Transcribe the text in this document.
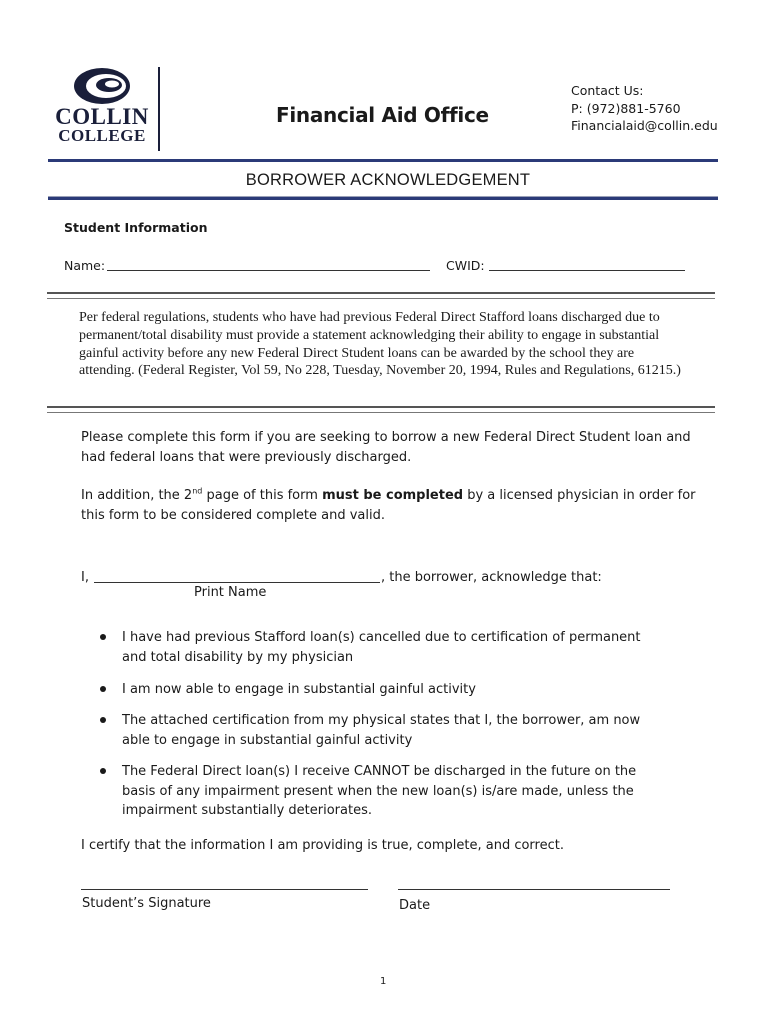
COLLIN
COLLEGE
Financial Aid Office
Contact Us:
P: (972)881-5760
Financialaid@collin.edu
BORROWER ACKNOWLEDGEMENT
Student Information
Name:	CWID:
Per federal regulations, students who have had previous Federal Direct Stafford loans discharged due to permanent/total disability must provide a statement acknowledging their ability to engage in substantial gainful activity before any new Federal Direct Student loans can be awarded by the school they are attending. (Federal Register, Vol 59, No 228, Tuesday, November 20, 1994, Rules and Regulations, 61215.)
Please complete this form if you are seeking to borrow a new Federal Direct Student loan and had federal loans that were previously discharged.
In addition, the 2nd page of this form must be completed by a licensed physician in order for this form to be considered complete and valid.
I,	, the borrower, acknowledge that:
Print Name
I have had previous Stafford loan(s) cancelled due to certification of permanent and total disability by my physician
I am now able to engage in substantial gainful activity
The attached certification from my physical states that I, the borrower, am now able to engage in substantial gainful activity
The Federal Direct loan(s) I receive CANNOT be discharged in the future on the basis of any impairment present when the new loan(s) is/are made, unless the impairment substantially deteriorates.
I certify that the information I am providing is true, complete, and correct.
Student’s Signature	Date
1
